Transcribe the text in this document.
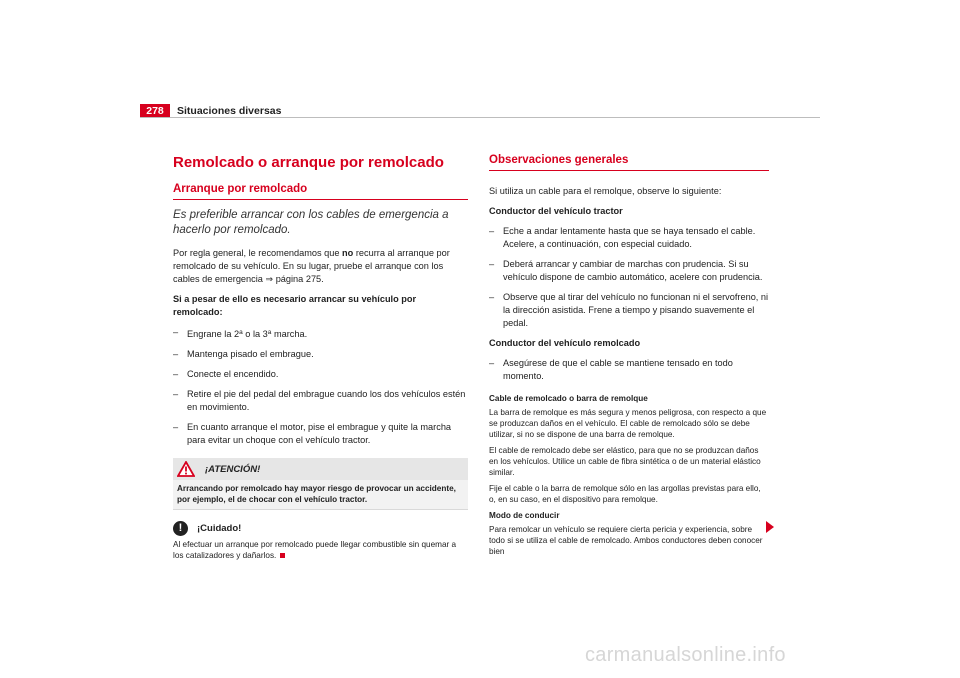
278	Situaciones diversas
Remolcado o arranque por remolcado
Arranque por remolcado
Es preferible arrancar con los cables de emergencia a hacerlo por remolcado.

Por regla general, le recomendamos que no recurra al arranque por remolcado de su vehículo. En su lugar, pruebe el arranque con los cables de emergencia ⇒ página 275.

Si a pesar de ello es necesario arrancar su vehículo por remolcado:

– Engrane la 2$^a$ o la 3$^a$ marcha.
– Mantenga pisado el embrague.
– Conecte el encendido.
– Retire el pie del pedal del embrague cuando los dos vehículos estén en movimiento.
– En cuanto arranque el motor, pise el embrague y quite la marcha para evitar un choque con el vehículo tractor.
¡ATENCIÓN!
Arrancando por remolcado hay mayor riesgo de provocar un accidente, por ejemplo, el de chocar con el vehículo tractor.
!	¡Cuidado!
Al efectuar un arranque por remolcado puede llegar combustible sin quemar a los catalizadores y dañarlos.
Observaciones generales

Si utiliza un cable para el remolque, observe lo siguiente:

Conductor del vehículo tractor

– Eche a andar lentamente hasta que se haya tensado el cable. Acelere, a continuación, con especial cuidado.
– Deberá arrancar y cambiar de marchas con prudencia. Si su vehículo dispone de cambio automático, acelere con prudencia.
– Observe que al tirar del vehículo no funcionan ni el servofreno, ni la dirección asistida. Frene a tiempo y pisando suavemente el pedal.

Conductor del vehículo remolcado

– Asegúrese de que el cable se mantiene tensado en todo momento.
Cable de remolcado o barra de remolque

La barra de remolque es más segura y menos peligrosa, con respecto a que se produzcan daños en el vehículo. El cable de remolcado sólo se debe utilizar, si no se dispone de una barra de remolque.

El cable de remolcado debe ser elástico, para que no se produzcan daños en los vehículos. Utilice un cable de fibra sintética o de un material elástico similar.

Fije el cable o la barra de remolque sólo en las argollas previstas para ello, o, en su caso, en el dispositivo para remolque.

Modo de conducir

Para remolcar un vehículo se requiere cierta pericia y experiencia, sobre todo si se utiliza el cable de remolcado. Ambos conductores deben conocer bien

carmanualsonline.info
